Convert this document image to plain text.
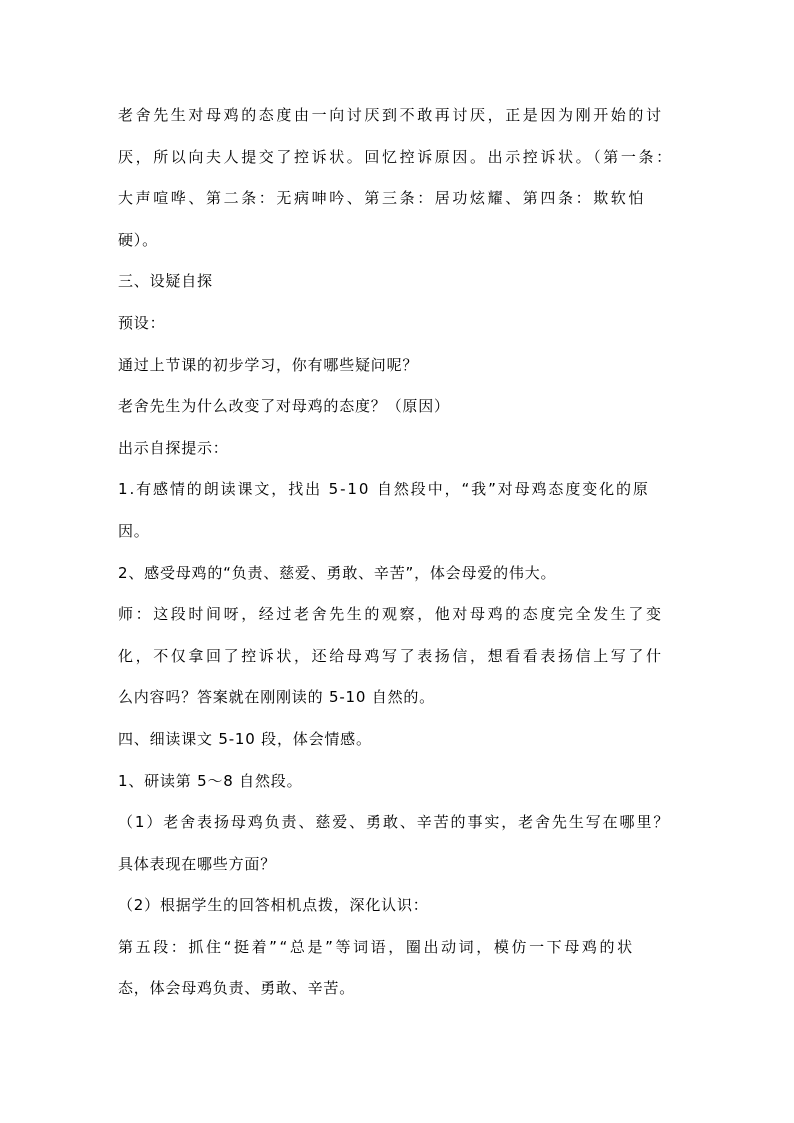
老舍先生对母鸡的态度由一向讨厌到不敢再讨厌，正是因为刚开始的讨
厌，所以向夫人提交了控诉状。回忆控诉原因。出示控诉状。（第一条：
大声喧哗、第二条：无病呻吟、第三条：居功炫耀、第四条：欺软怕
硬）。
三、设疑自探
预设：
通过上节课的初步学习，你有哪些疑问呢？
老舍先生为什么改变了对母鸡的态度？（原因）
出示自探提示：
1.有感情的朗读课文，找出 5-10 自然段中，“我”对母鸡态度变化的原
因。
2、感受母鸡的“负责、慈爱、勇敢、辛苦”，体会母爱的伟大。
师：这段时间呀，经过老舍先生的观察，他对母鸡的态度完全发生了变
化，不仅拿回了控诉状，还给母鸡写了表扬信，想看看表扬信上写了什
么内容吗？答案就在刚刚读的 5-10 自然的。
四、细读课文 5-10 段，体会情感。
1、研读第 5～8 自然段。
（1）老舍表扬母鸡负责、慈爱、勇敢、辛苦的事实，老舍先生写在哪里？
具体表现在哪些方面？
（2）根据学生的回答相机点拨，深化认识：
第五段：抓住“挺着”“总是”等词语，圈出动词，模仿一下母鸡的状
态，体会母鸡负责、勇敢、辛苦。
